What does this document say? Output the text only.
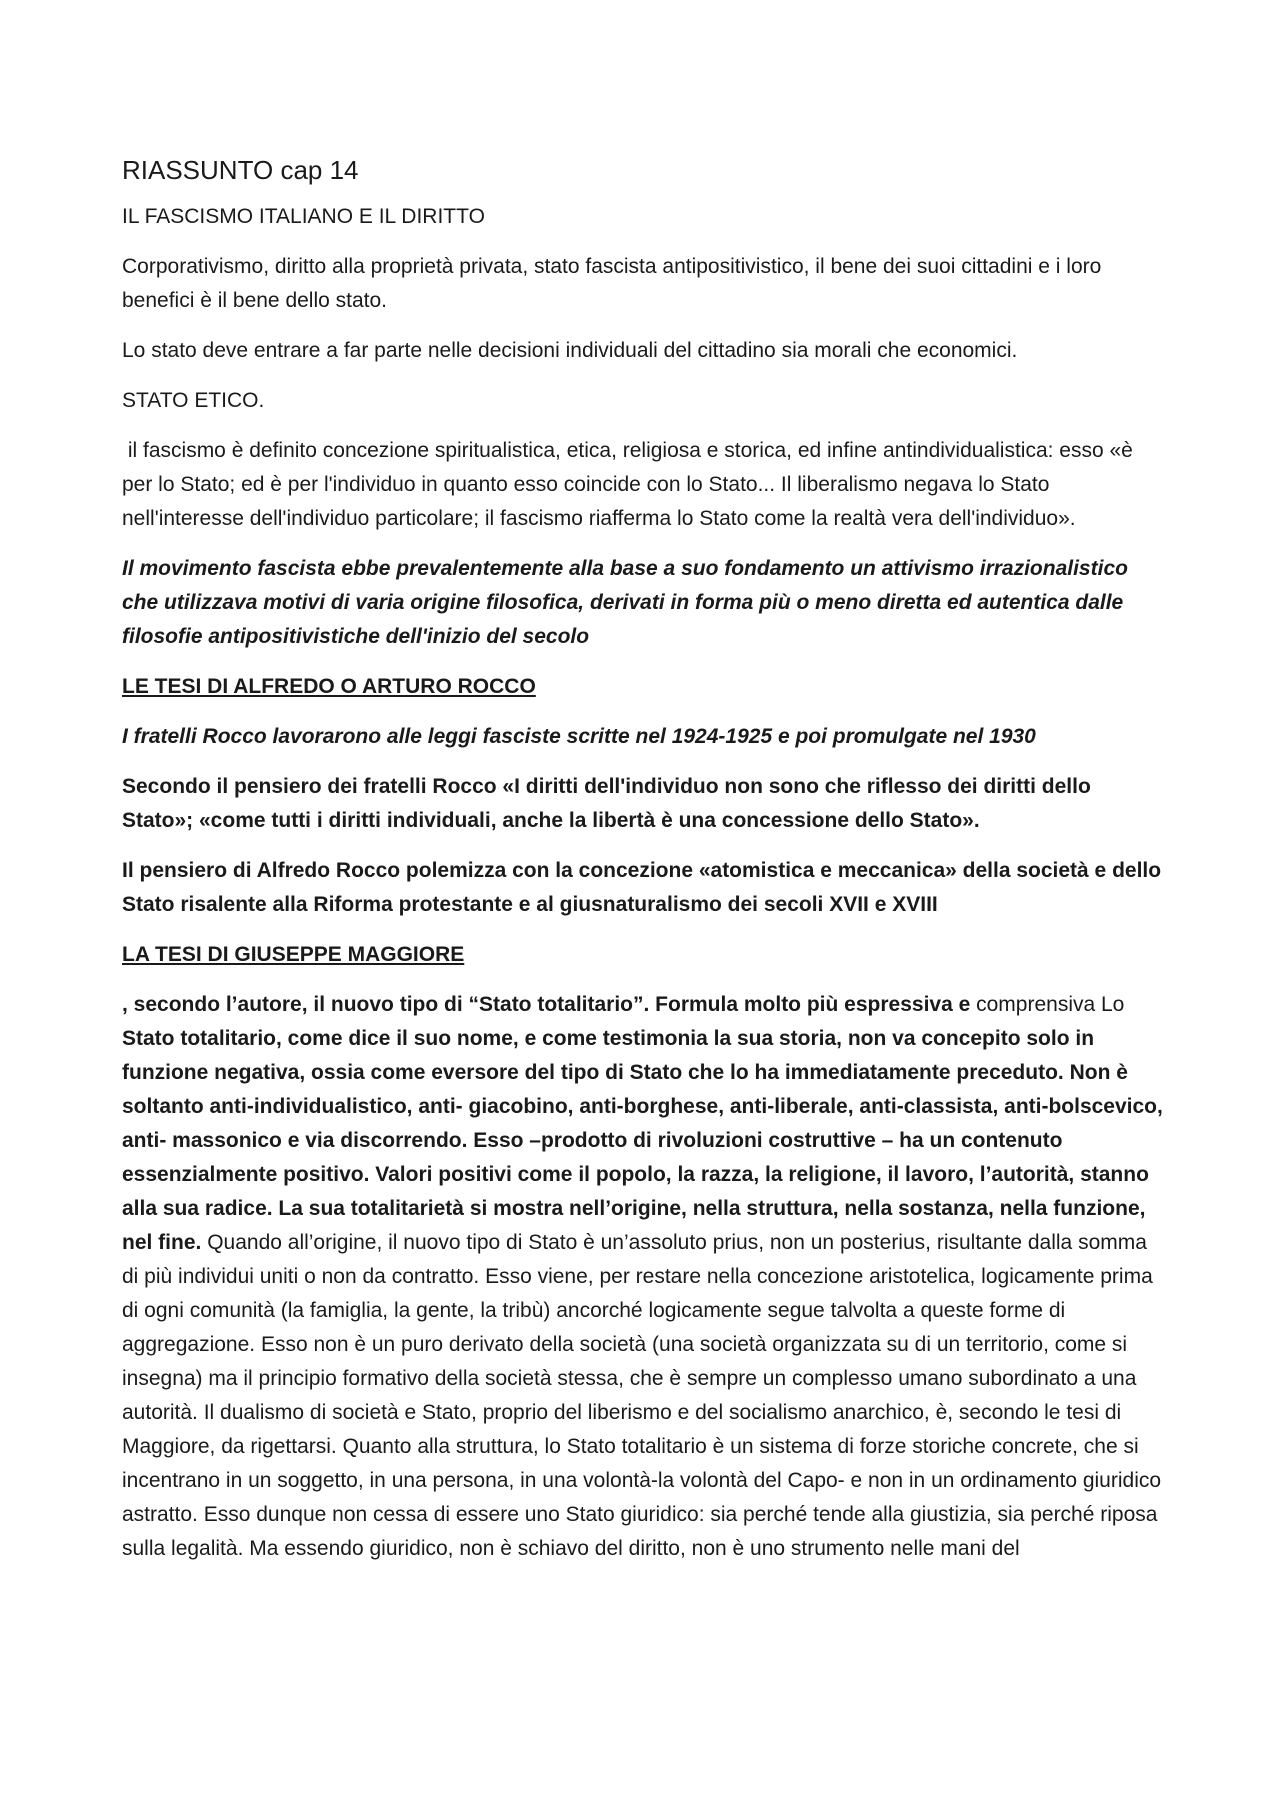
RIASSUNTO cap 14

IL FASCISMO ITALIANO E IL DIRITTO

Corporativismo, diritto alla proprietà privata, stato fascista antipositivistico, il bene dei suoi cittadini e i loro benefici è il bene dello stato.

Lo stato deve entrare a far parte nelle decisioni individuali del cittadino sia morali che economici.

STATO ETICO.

il fascismo è definito concezione spiritualistica, etica, religiosa e storica, ed infine antindividualistica: esso «è per lo Stato; ed è per l'individuo in quanto esso coincide con lo Stato... Il liberalismo negava lo Stato nell'interesse dell'individuo particolare; il fascismo riafferma lo Stato come la realtà vera dell'individuo».

Il movimento fascista ebbe prevalentemente alla base a suo fondamento un attivismo irrazionalistico che utilizzava motivi di varia origine filosofica, derivati in forma più o meno diretta ed autentica dalle filosofie antipositivistiche dell'inizio del secolo

LE TESI DI ALFREDO O ARTURO ROCCO

I fratelli Rocco lavorarono alle leggi fasciste scritte nel 1924-1925 e poi promulgate nel 1930

Secondo il pensiero dei fratelli Rocco «I diritti dell'individuo non sono che riflesso dei diritti dello Stato»; «come tutti i diritti individuali, anche la libertà è una concessione dello Stato».

Il pensiero di Alfredo Rocco polemizza con la concezione «atomistica e meccanica» della società e dello Stato risalente alla Riforma protestante e al giusnaturalismo dei secoli XVII e XVIII

LA TESI DI GIUSEPPE MAGGIORE

, secondo l’autore, il nuovo tipo di “Stato totalitario”. Formula molto più espressiva e comprensiva Lo Stato totalitario, come dice il suo nome, e come testimonia la sua storia, non va concepito solo in funzione negativa, ossia come eversore del tipo di Stato che lo ha immediatamente preceduto. Non è soltanto anti-individualistico, anti- giacobino, anti-borghese, anti-liberale, anti-classista, anti-bolscevico, anti- massonico e via discorrendo. Esso –prodotto di rivoluzioni costruttive – ha un contenuto essenzialmente positivo. Valori positivi come il popolo, la razza, la religione, il lavoro, l’autorità, stanno alla sua radice. La sua totalitarietà si mostra nell’origine, nella struttura, nella sostanza, nella funzione, nel fine. Quando all’origine, il nuovo tipo di Stato è un’assoluto prius, non un posterius, risultante dalla somma di più individui uniti o non da contratto. Esso viene, per restare nella concezione aristotelica, logicamente prima di ogni comunità (la famiglia, la gente, la tribù) ancorché logicamente segue talvolta a queste forme di aggregazione. Esso non è un puro derivato della società (una società organizzata su di un territorio, come si insegna) ma il principio formativo della società stessa, che è sempre un complesso umano subordinato a una autorità. Il dualismo di società e Stato, proprio del liberismo e del socialismo anarchico, è, secondo le tesi di Maggiore, da rigettarsi. Quanto alla struttura, lo Stato totalitario è un sistema di forze storiche concrete, che si incentrano in un soggetto, in una persona, in una volontà-la volontà del Capo- e non in un ordinamento giuridico astratto. Esso dunque non cessa di essere uno Stato giuridico: sia perché tende alla giustizia, sia perché riposa sulla legalità. Ma essendo giuridico, non è schiavo del diritto, non è uno strumento nelle mani del
